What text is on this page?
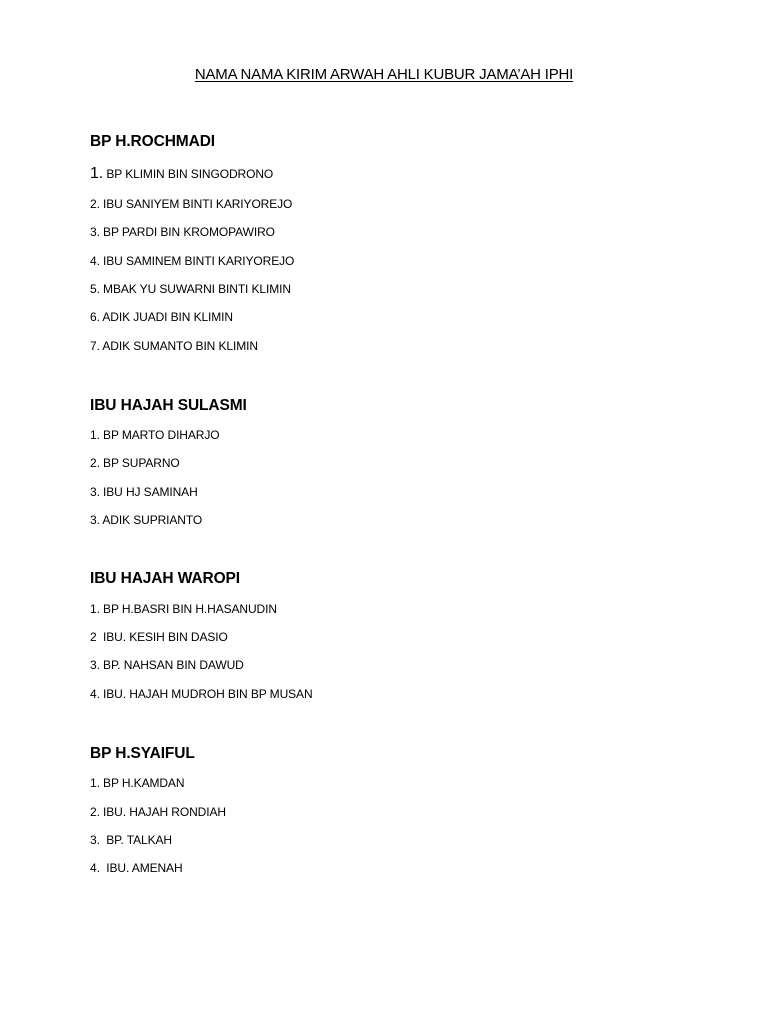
NAMA NAMA KIRIM ARWAH AHLI KUBUR JAMA’AH IPHI
BP H.ROCHMADI
1. BP KLIMIN BIN SINGODRONO
2. IBU SANIYEM BINTI KARIYOREJO
3. BP PARDI BIN KROMOPAWIRO
4. IBU SAMINEM BINTI KARIYOREJO
5. MBAK YU SUWARNI BINTI KLIMIN
6. ADIK JUADI BIN KLIMIN
7. ADIK SUMANTO BIN KLIMIN
IBU HAJAH SULASMI
1. BP MARTO DIHARJO
2. BP SUPARNO
3. IBU HJ SAMINAH
3. ADIK SUPRIANTO
IBU HAJAH WAROPI
1. BP H.BASRI BIN H.HASANUDIN
2  IBU. KESIH BIN DASIO
3. BP. NAHSAN BIN DAWUD
4. IBU. HAJAH MUDROH BIN BP MUSAN
BP H.SYAIFUL
1. BP H.KAMDAN
2. IBU. HAJAH RONDIAH
3.  BP. TALKAH
4.  IBU. AMENAH
